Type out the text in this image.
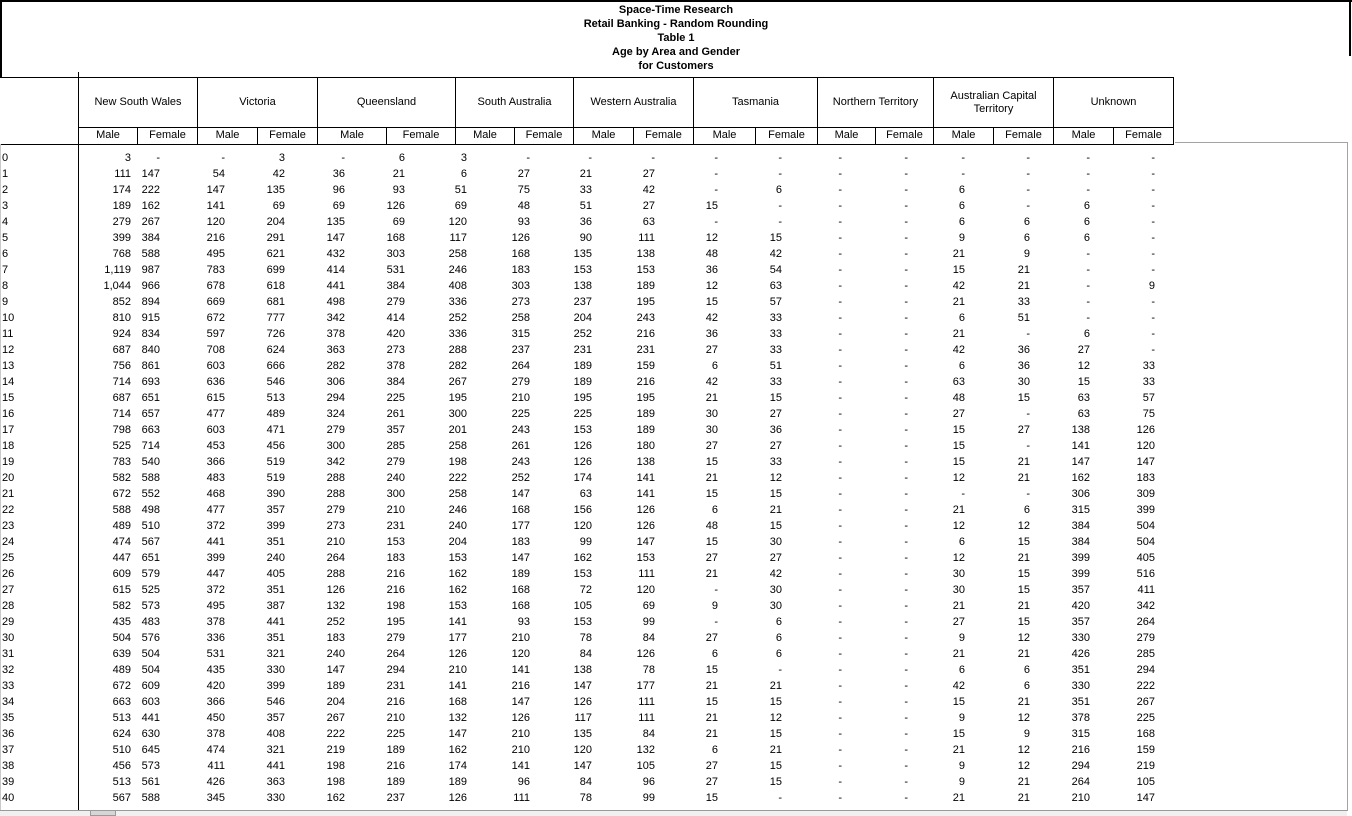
Space-Time Research
Retail Banking - Random Rounding
Table 1
Age by Area and Gender
for Customers
New South Wales	Victoria	Queensland	South Australia	Western Australia	Tasmania	Northern Territory
Australian Capital Territory
Unknown
Male	Female	Male	Female	Male	Female	Male	Female	Male	Female	Male	Female	Male	Female	Male	Female	Male	Female
0	3	-	-	3	-	6	3	-	-	-	-	-	-	-	-	-	-	-
1	111 147	54	42	36	21	6	27	21	27	-	-	-	-	-	-	-	-
2	174 222	147	135	96	93	51	75	33	42	-	6	-	-	6	-	-	-
3	189 162	141	69	69	126	69	48	51	27	15	-	-	-	6	-	6	-
4	279 267	120	204	135	69	120	93	36	63	-	-	-	-	6	6	6	-
5	399 384	216	291	147	168	117	126	90	111	12	15	-	-	9	6	6	-
6	768 588	495	621	432	303	258	168	135	138	48	42	-	-	21	9	-	-
7	1,119 987	783	699	414	531	246	183	153	153	36	54	-	-	15	21	-	-
8	1,044 966	678	618	441	384	408	303	138	189	12	63	-	-	42	21	-	9
9	852 894	669	681	498	279	336	273	237	195	15	57	-	-	21	33	-	-
10	810 915	672	777	342	414	252	258	204	243	42	33	-	-	6	51	-	-
11	924 834	597	726	378	420	336	315	252	216	36	33	-	-	21	-	6	-
12	687 840	708	624	363	273	288	237	231	231	27	33	-	-	42	36	27	-
13	756 861	603	666	282	378	282	264	189	159	6	51	-	-	6	36	12	33
14	714 693	636	546	306	384	267	279	189	216	42	33	-	-	63	30	15	33
15	687 651	615	513	294	225	195	210	195	195	21	15	-	-	48	15	63	57
16	714 657	477	489	324	261	300	225	225	189	30	27	-	-	27	-	63	75
17	798 663	603	471	279	357	201	243	153	189	30	36	-	-	15	27	138	126
18	525 714	453	456	300	285	258	261	126	180	27	27	-	-	15	-	141	120
19	783 540	366	519	342	279	198	243	126	138	15	33	-	-	15	21	147	147
20	582 588	483	519	288	240	222	252	174	141	21	12	-	-	12	21	162	183
21	672 552	468	390	288	300	258	147	63	141	15	15	-	-	-	-	306	309
22	588 498	477	357	279	210	246	168	156	126	6	21	-	-	21	6	315	399
23	489 510	372	399	273	231	240	177	120	126	48	15	-	-	12	12	384	504
24	474 567	441	351	210	153	204	183	99	147	15	30	-	-	6	15	384	504
25	447 651	399	240	264	183	153	147	162	153	27	27	-	-	12	21	399	405
26	609 579	447	405	288	216	162	189	153	111	21	42	-	-	30	15	399	516
27	615 525	372	351	126	216	162	168	72	120	-	30	-	-	30	15	357	411
28	582 573	495	387	132	198	153	168	105	69	9	30	-	-	21	21	420	342
29	435 483	378	441	252	195	141	93	153	99	-	6	-	-	27	15	357	264
30	504 576	336	351	183	279	177	210	78	84	27	6	-	-	9	12	330	279
31	639 504	531	321	240	264	126	120	84	126	6	6	-	-	21	21	426	285
32	489 504	435	330	147	294	210	141	138	78	15	-	-	-	6	6	351	294
33	672 609	420	399	189	231	141	216	147	177	21	21	-	-	42	6	330	222
34	663 603	366	546	204	216	168	147	126	111	15	15	-	-	15	21	351	267
35	513 441	450	357	267	210	132	126	117	111	21	12	-	-	9	12	378	225
36	624 630	378	408	222	225	147	210	135	84	21	15	-	-	15	9	315	168
37	510 645	474	321	219	189	162	210	120	132	6	21	-	-	21	12	216	159
38	456 573	411	441	198	216	174	141	147	105	27	15	-	-	9	12	294	219
39	513 561	426	363	198	189	189	96	84	96	27	15	-	-	9	21	264	105
40	567 588	345	330	162	237	126	111	78	99	15	-	-	-	21	21	210	147
